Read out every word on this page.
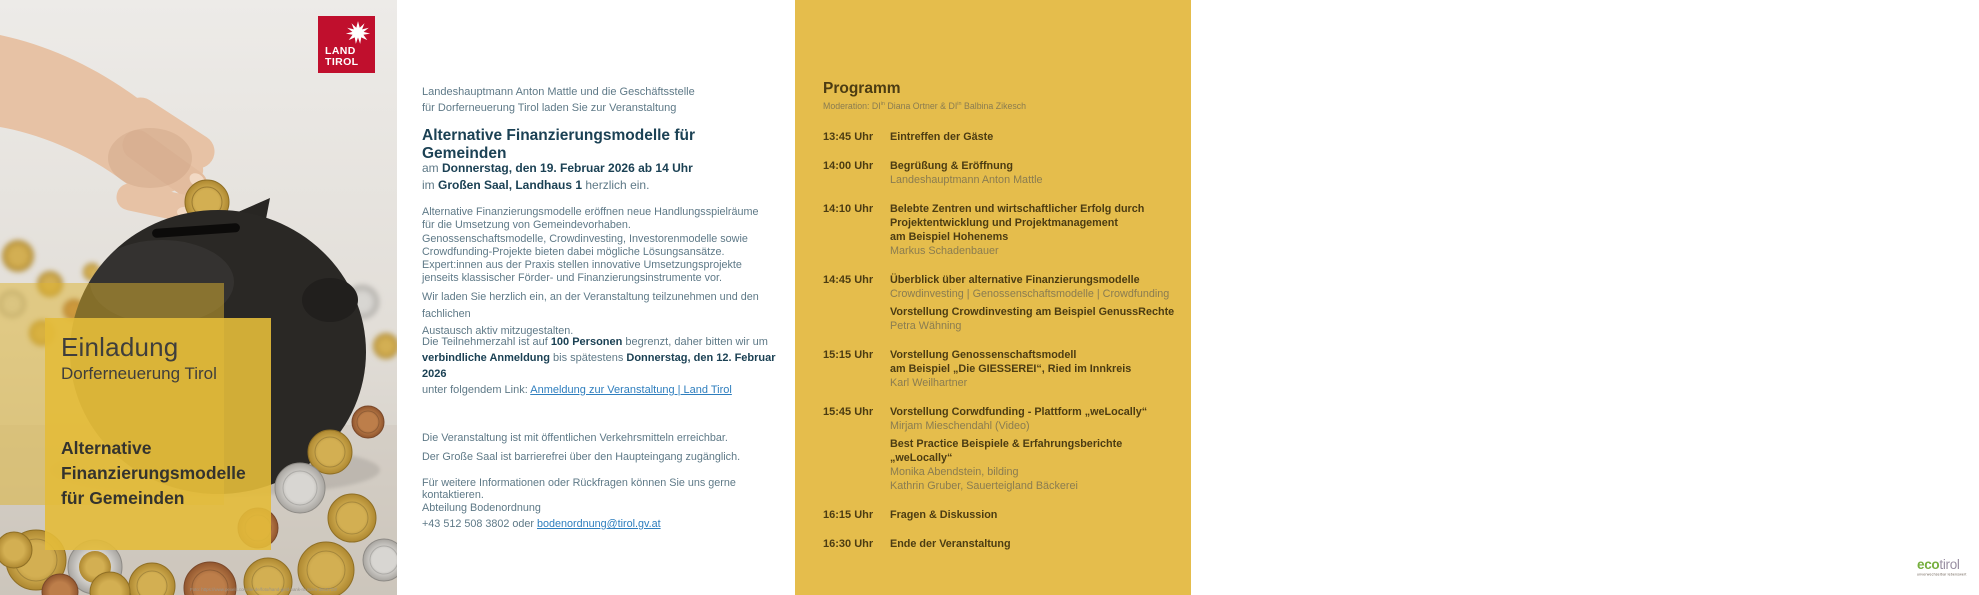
Einladung
Dorferneuerung Tirol
Alternative
Finanzierungsmodelle
für Gemeinden
Foto: https://www.pexels.com/de-de/foto/hand-geld-bank-munzen-3943723/
LAND
TIROL
Landeshauptmann Anton Mattle und die Geschäftsstelle
für Dorferneuerung Tirol laden Sie zur Veranstaltung
Alternative Finanzierungsmodelle für Gemeinden
am Donnerstag, den 19. Februar 2026 ab 14 Uhr
im Großen Saal, Landhaus 1 herzlich ein.
Alternative Finanzierungsmodelle eröffnen neue Handlungsspielräume
für die Umsetzung von Gemeindevorhaben.
Genossenschaftsmodelle, Crowdinvesting, Investorenmodelle sowie
Crowdfunding-Projekte bieten dabei mögliche Lösungsansätze.
Expert:innen aus der Praxis stellen innovative Umsetzungsprojekte
jenseits klassischer Förder- und Finanzierungsinstrumente vor.
Wir laden Sie herzlich ein, an der Veranstaltung teilzunehmen und den fachlichen
Austausch aktiv mitzugestalten.
Die Teilnehmerzahl ist auf 100 Personen begrenzt, daher bitten wir um
verbindliche Anmeldung bis spätestens Donnerstag, den 12. Februar 2026
unter folgendem Link: Anmeldung zur Veranstaltung | Land Tirol
Die Veranstaltung ist mit öffentlichen Verkehrsmitteln erreichbar.
Der Große Saal ist barrierefrei über den Haupteingang zugänglich.
Für weitere Informationen oder Rückfragen können Sie uns gerne kontaktieren.
Abteilung Bodenordnung
+43 512 508 3802 oder bodenordnung@tirol.gv.at
Programm
Moderation: $DI^{in}$ Diana Ortner & $DI^{in}$ Balbina Zikesch
13:45 Uhr	Eintreffen der Gäste
14:00 Uhr	Begrüßung & Eröffnung
Landeshauptmann Anton Mattle
14:10 Uhr	Belebte Zentren und wirtschaftlicher Erfolg durch
Projektentwicklung und Projektmanagement
am Beispiel Hohenems
Markus Schadenbauer
14:45 Uhr	Überblick über alternative Finanzierungsmodelle
Crowdinvesting | Genossenschaftsmodelle | Crowdfunding
Vorstellung Crowdinvesting am Beispiel GenussRechte
Petra Wähning
15:15 Uhr	Vorstellung Genossenschaftsmodell
am Beispiel „Die GIESSEREI“, Ried im Innkreis
Karl Weilhartner
15:45 Uhr	Vorstellung Corwdfunding - Plattform „weLocally“
Mirjam Mieschendahl (Video)
Best Practice Beispiele & Erfahrungsberichte „weLocally“
Monika Abendstein, bilding
Kathrin Gruber, Sauerteigland Bäckerei
16:15 Uhr	Fragen & Diskussion
16:30 Uhr	Ende der Veranstaltung
ecotirol
unverwechselbar lebenswert
